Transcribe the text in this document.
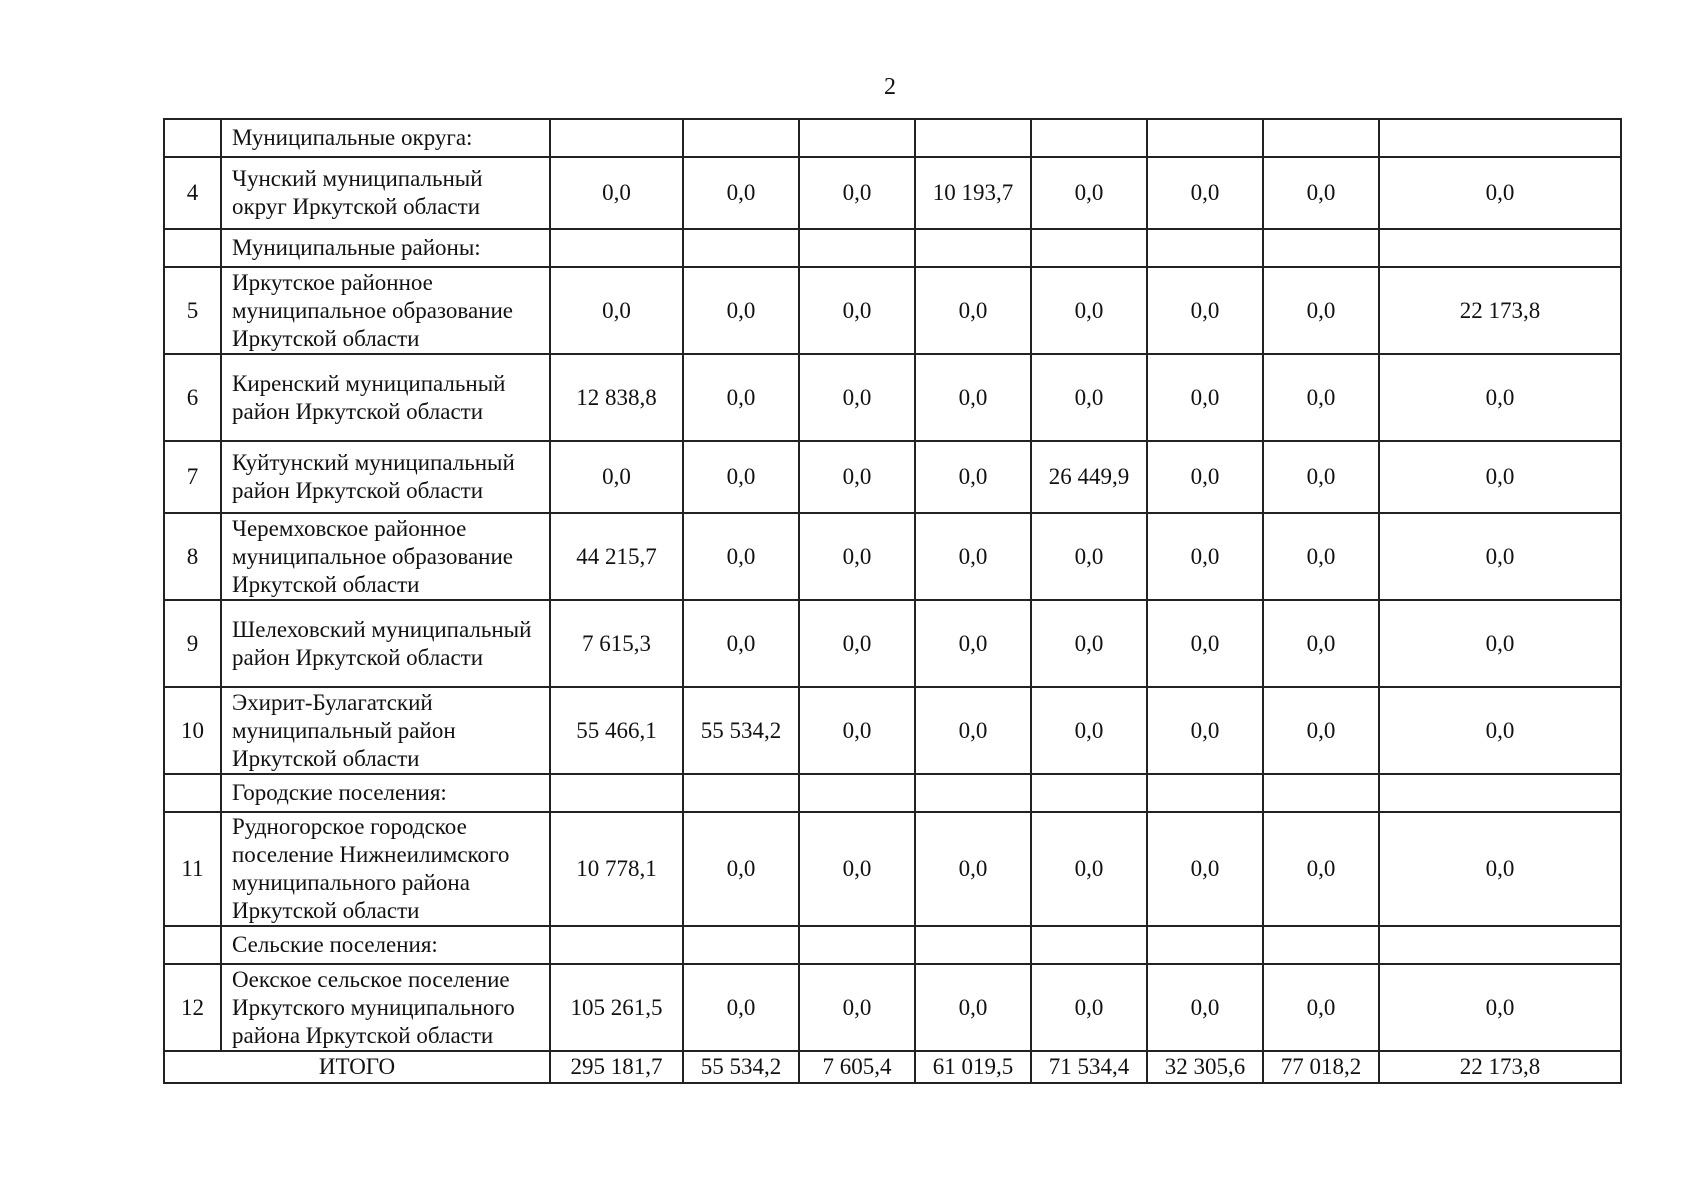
2
	Муниципальные округа:								
4	Чунский муниципальный округ Иркутской области	0,0	0,0	0,0	10 193,7	0,0	0,0	0,0	0,0
	Муниципальные районы:								
5	Иркутское районное муниципальное образование Иркутской области	0,0	0,0	0,0	0,0	0,0	0,0	0,0	22 173,8
6	Киренский муниципальный район Иркутской области	12 838,8	0,0	0,0	0,0	0,0	0,0	0,0	0,0
7	Куйтунский муниципальный район Иркутской области	0,0	0,0	0,0	0,0	26 449,9	0,0	0,0	0,0
8	Черемховское районное муниципальное образование Иркутской области	44 215,7	0,0	0,0	0,0	0,0	0,0	0,0	0,0
9	Шелеховский муниципальный район Иркутской области	7 615,3	0,0	0,0	0,0	0,0	0,0	0,0	0,0
10	Эхирит-Булагатский муниципальный район Иркутской области	55 466,1	55 534,2	0,0	0,0	0,0	0,0	0,0	0,0
	Городские поселения:								
11	Рудногорское городское поселение Нижнеилимского муниципального района Иркутской области	10 778,1	0,0	0,0	0,0	0,0	0,0	0,0	0,0
	Сельские поселения:								
12	Оекское сельское поселение Иркутского муниципального района Иркутской области	105 261,5	0,0	0,0	0,0	0,0	0,0	0,0	0,0
ИТОГО		295 181,7	55 534,2	7 605,4	61 019,5	71 534,4	32 305,6	77 018,2	22 173,8
